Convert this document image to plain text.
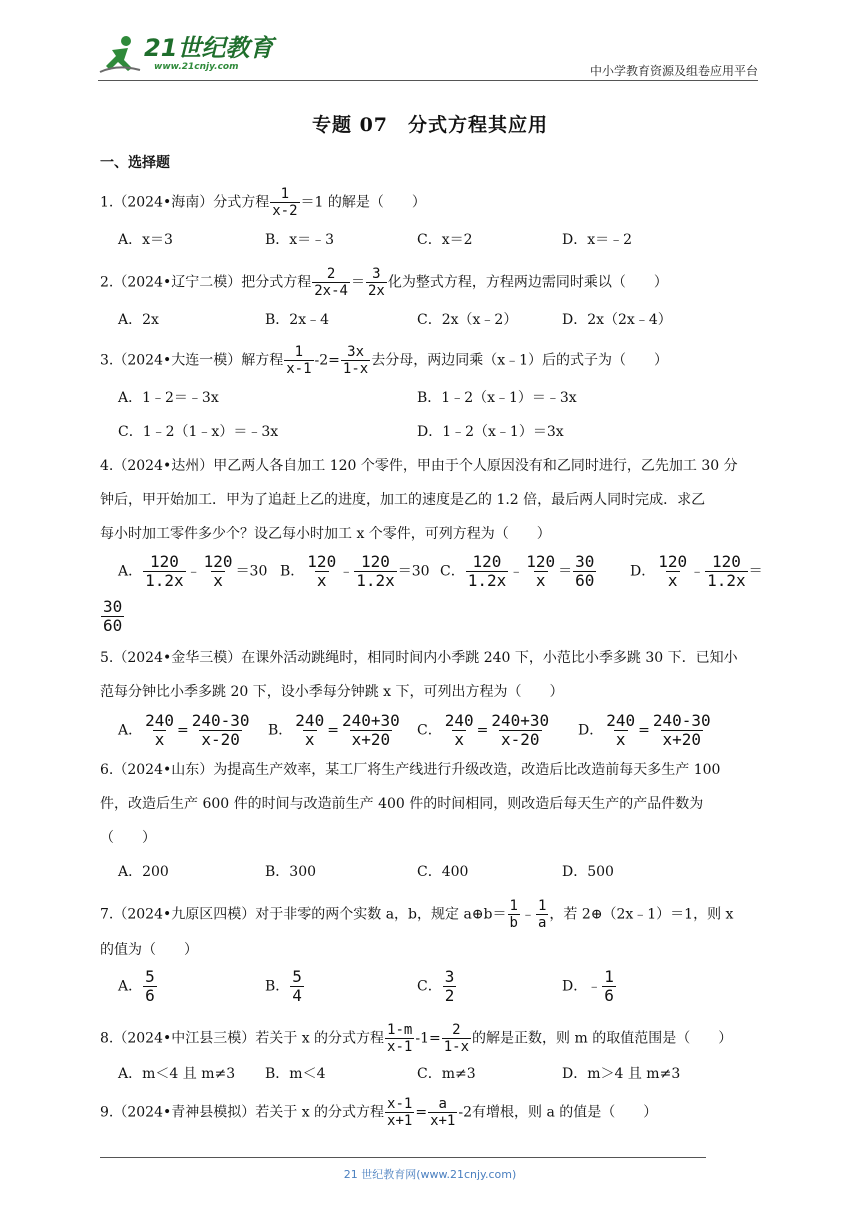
21世纪教育
www.21cnjy.com	中小学教育资源及组卷应用平台
专题 07　分式方程其应用
一、选择题
1.（2024•海南）分式方程 $\frac{1}{x-2} =1$ 的解是（　　）
A．x＝3	B．x＝﹣3	C．x＝2	D．x＝﹣2
2.（2024•辽宁二模）把分式方程 $\frac{2}{2x-4} = \frac{3}{2x}$ 化为整式方程，方程两边需同时乘以（　　）
A．2x	B．2x﹣4	C．2x（x﹣2）	D．2x（2x﹣4）
3.（2024•大连一模）解方程 $\frac{1}{x-1} -2= \frac{3x}{1-x}$ 去分母，两边同乘（x﹣1）后的式子为（　　）
A．1﹣2＝﹣3x	B．1﹣2（x﹣1）＝﹣3x
C．1﹣2（1﹣x）＝﹣3x	D．1﹣2（x﹣1）＝3x
4.（2024•达州）甲乙两人各自加工 120 个零件，甲由于个人原因没有和乙同时进行，乙先加工 30 分
钟后，甲开始加工．甲为了追赶上乙的进度，加工的速度是乙的 1.2 倍，最后两人同时完成．求乙
每小时加工零件多少个？设乙每小时加工 x 个零件，可列方程为（　　）
A． $\frac{120}{1.2x}$ ﹣ $\frac{120}{x} =30$ B． $\frac{120}{x}$ ﹣ $\frac{120}{1.2x} =30$ C． $\frac{120}{1.2x}$ ﹣ $\frac{120}{x} = \frac{30}{60}$ D． $\frac{120}{x}$ ﹣ $\frac{120}{1.2x}$ ＝
$\frac{30}{60}$
5.（2024•金华三模）在课外活动跳绳时，相同时间内小季跳 240 下，小范比小季多跳 30 下．已知小
范每分钟比小季多跳 20 下，设小季每分钟跳 x 下，可列出方程为（　　）
A． $\frac{240}{x} = \frac{240-30}{x-20}$ B． $\frac{240}{x} = \frac{240+30}{x+20}$ C． $\frac{240}{x} = \frac{240+30}{x-20}$ D． $\frac{240}{x} = \frac{240-30}{x+20}$
6.（2024•山东）为提高生产效率，某工厂将生产线进行升级改造，改造后比改造前每天多生产 100
件，改造后生产 600 件的时间与改造前生产 400 件的时间相同，则改造后每天生产的产品件数为
（　　）
A．200	B．300	C．400	D．500
7.（2024•九原区四模）对于非零的两个实数 a，b，规定 a⊕b＝ $\frac{1}{b}$ ﹣ $\frac{1}{a}$ ，若 2⊕（2x﹣1）＝1，则 x
的值为（　　）
A． $\frac{5}{6}$	B． $\frac{5}{4}$	C． $\frac{3}{2}$	D．﹣ $\frac{1}{6}$
8.（2024•中江县三模）若关于 x 的分式方程 $\frac{1-m}{x-1} -1= \frac{2}{1-x}$ 的解是正数，则 m 的取值范围是（　　）
A．m＜4 且 m≠3 B．m＜4	C．m≠3	D．m＞4 且 m≠3
9.（2024•青神县模拟）若关于 x 的分式方程 $\frac{x-1}{x+1} = \frac{a}{x+1} -2$有增根，则 a 的值是（　　）
21 世纪教育网(www.21cnjy.com)
